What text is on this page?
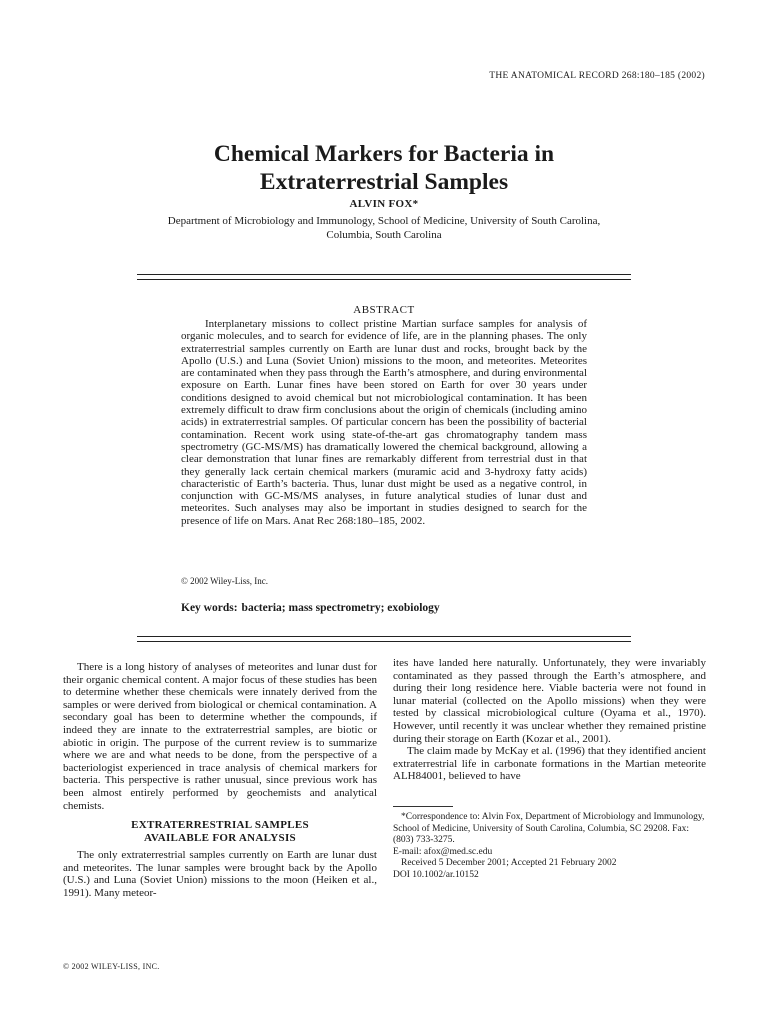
THE ANATOMICAL RECORD 268:180–185 (2002)
Chemical Markers for Bacteria in
Extraterrestrial Samples
ALVIN FOX*
Department of Microbiology and Immunology, School of Medicine, University of South Carolina, Columbia, South Carolina
ABSTRACT

Interplanetary missions to collect pristine Martian surface samples for analysis of organic molecules, and to search for evidence of life, are in the planning phases. The only extraterrestrial samples currently on Earth are lunar dust and rocks, brought back by the Apollo (U.S.) and Luna (Soviet Union) missions to the moon, and meteorites. Meteorites are contaminated when they pass through the Earth’s atmosphere, and during environmental exposure on Earth. Lunar fines have been stored on Earth for over 30 years under conditions designed to avoid chemical but not microbiological contamination. It has been extremely difficult to draw firm conclusions about the origin of chemicals (including amino acids) in extraterrestrial samples. Of particular concern has been the possibility of bacterial contamination. Recent work using state-of-the-art gas chromatography tandem mass spectrometry (GC-MS/MS) has dramatically lowered the chemical background, allowing a clear demonstration that lunar fines are remarkably different from terrestrial dust in that they generally lack certain chemical markers (muramic acid and 3-hydroxy fatty acids) characteristic of Earth’s bacteria. Thus, lunar dust might be used as a negative control, in conjunction with GC-MS/MS analyses, in future analytical studies of lunar dust and meteorites. Such analyses may also be important in studies designed to search for the presence of life on Mars. Anat Rec 268:180–185, 2002.

© 2002 Wiley-Liss, Inc.
Key words: bacteria; mass spectrometry; exobiology

There is a long history of analyses of meteorites and lunar dust for their organic chemical content. A major focus of these studies has been to determine whether these chemicals were innately derived from the samples or were derived from biological or chemical contamination. A secondary goal has been to determine whether the compounds, if indeed they are innate to the extraterrestrial samples, are biotic or abiotic in origin. The purpose of the current review is to summarize where we are and what needs to be done, from the perspective of a bacteriologist experienced in trace analysis of chemical markers for bacteria. This perspective is rather unusual, since previous work has been almost entirely performed by geochemists and analytical chemists.

EXTRATERRESTRIAL SAMPLES
AVAILABLE FOR ANALYSIS

The only extraterrestrial samples currently on Earth are lunar dust and meteorites. The lunar samples were brought back by the Apollo (U.S.) and Luna (Soviet Union) missions to the moon (Heiken et al., 1991). Many meteor-

ites have landed here naturally. Unfortunately, they were invariably contaminated as they passed through the Earth’s atmosphere, and during their long residence here. Viable bacteria were not found in lunar material (collected on the Apollo missions) when they were tested by classical microbiological culture (Oyama et al., 1970). However, until recently it was unclear whether they remained pristine during their storage on Earth (Kozar et al., 2001).

The claim made by McKay et al. (1996) that they identified ancient extraterrestrial life in carbonate formations in the Martian meteorite ALH84001, believed to have

*Correspondence to: Alvin Fox, Department of Microbiology and Immunology, School of Medicine, University of South Carolina, Columbia, SC 29208. Fax: (803) 733-3275.

E-mail: afox@med.sc.edu

Received 5 December 2001; Accepted 21 February 2002

DOI 10.1002/ar.10152

© 2002 WILEY-LISS, INC.
